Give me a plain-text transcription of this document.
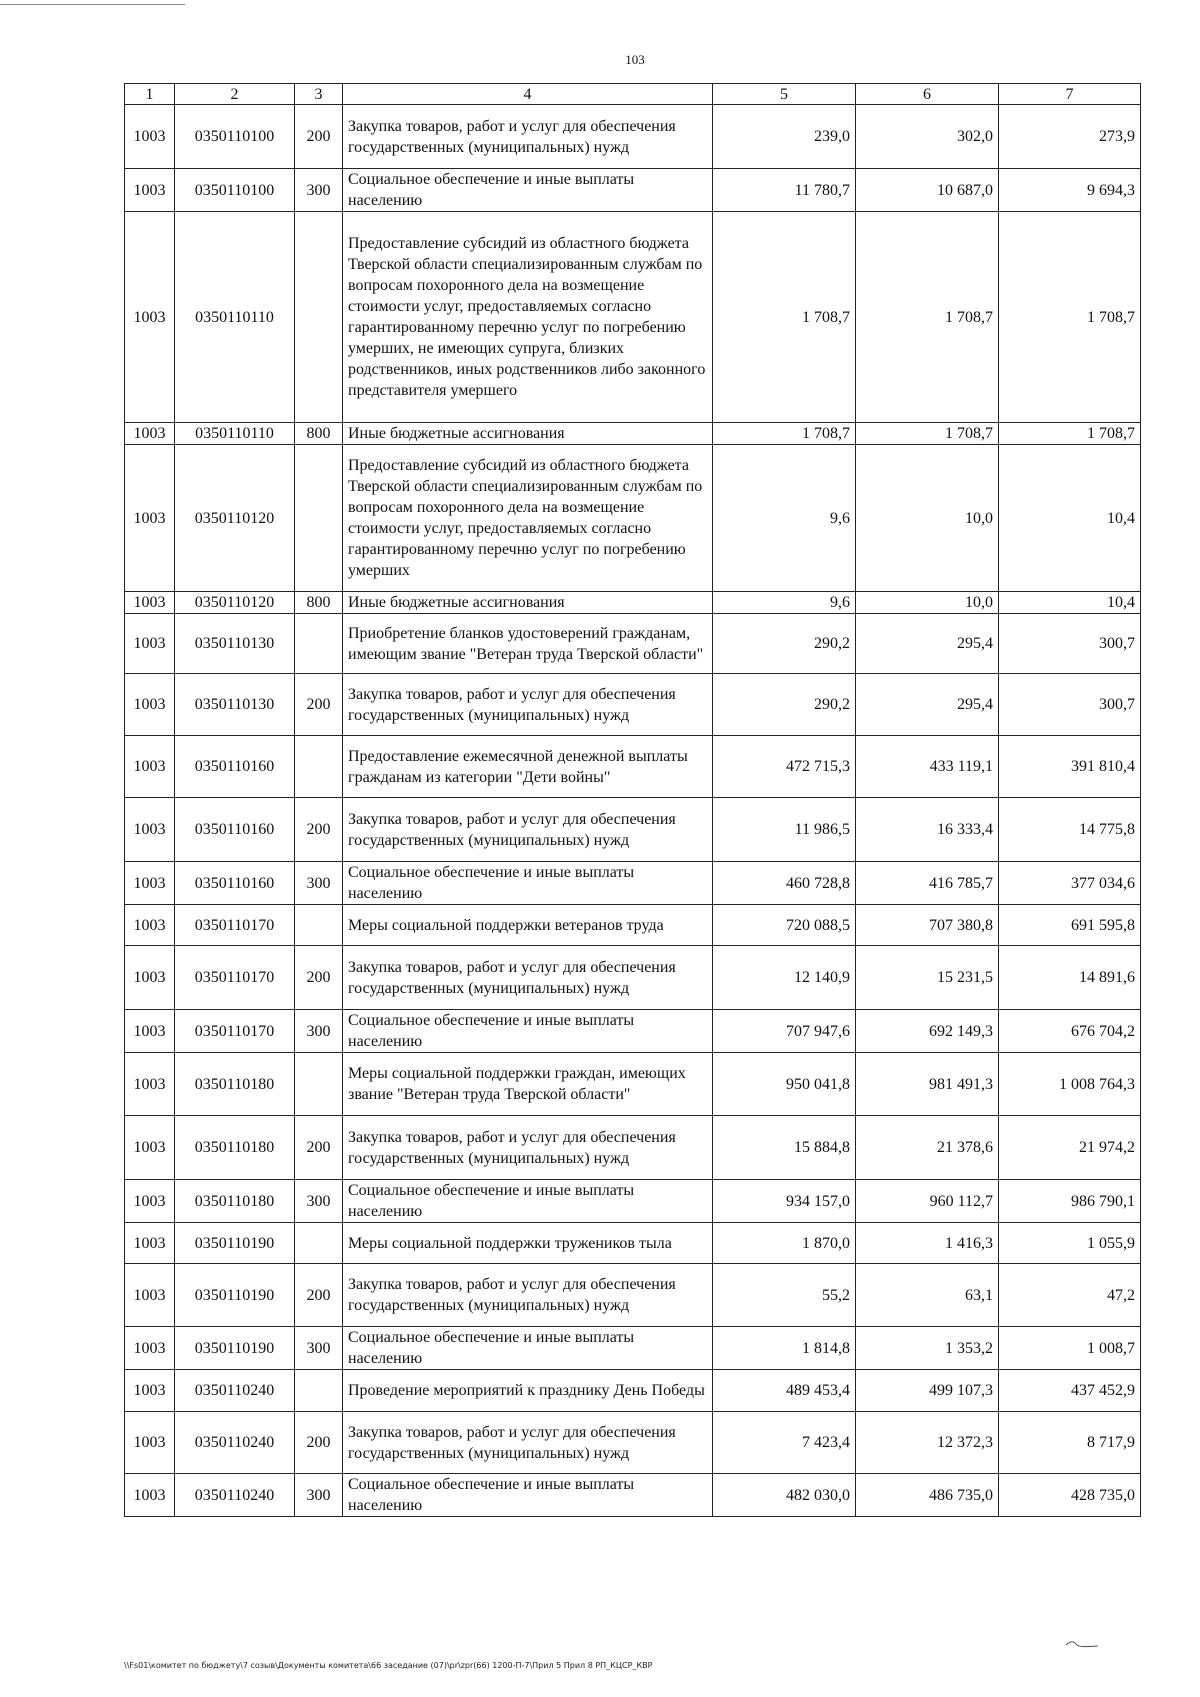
103
1	2	3	4	5	6	7
1003	0350110100	200	Закупка товаров, работ и услуг для обеспечения государственных (муниципальных) нужд	239,0	302,0	273,9
1003	0350110100	300	Социальное обеспечение и иные выплаты населению	11 780,7	10 687,0	9 694,3
1003	0350110110		Предоставление субсидий из областного бюджета Тверской области специализированным службам по вопросам похоронного дела на возмещение стоимости услуг, предоставляемых согласно гарантированному перечню услуг по погребению умерших, не имеющих супруга, близких родственников, иных родственников либо законного представителя умершего	1 708,7	1 708,7	1 708,7
1003	0350110110	800	Иные бюджетные ассигнования	1 708,7	1 708,7	1 708,7
1003	0350110120		Предоставление субсидий из областного бюджета Тверской области специализированным службам по вопросам похоронного дела на возмещение стоимости услуг, предоставляемых согласно гарантированному перечню услуг по погребению умерших	9,6	10,0	10,4
1003	0350110120	800	Иные бюджетные ассигнования	9,6	10,0	10,4
1003	0350110130		Приобретение бланков удостоверений гражданам, имеющим звание "Ветеран труда Тверской области"	290,2	295,4	300,7
1003	0350110130	200	Закупка товаров, работ и услуг для обеспечения государственных (муниципальных) нужд	290,2	295,4	300,7
1003	0350110160		Предоставление ежемесячной денежной выплаты гражданам из категории "Дети войны"	472 715,3	433 119,1	391 810,4
1003	0350110160	200	Закупка товаров, работ и услуг для обеспечения государственных (муниципальных) нужд	11 986,5	16 333,4	14 775,8
1003	0350110160	300	Социальное обеспечение и иные выплаты населению	460 728,8	416 785,7	377 034,6
1003	0350110170		Меры социальной поддержки ветеранов труда	720 088,5	707 380,8	691 595,8
1003	0350110170	200	Закупка товаров, работ и услуг для обеспечения государственных (муниципальных) нужд	12 140,9	15 231,5	14 891,6
1003	0350110170	300	Социальное обеспечение и иные выплаты населению	707 947,6	692 149,3	676 704,2
1003	0350110180		Меры социальной поддержки граждан, имеющих звание "Ветеран труда Тверской области"	950 041,8	981 491,3	1 008 764,3
1003	0350110180	200	Закупка товаров, работ и услуг для обеспечения государственных (муниципальных) нужд	15 884,8	21 378,6	21 974,2
1003	0350110180	300	Социальное обеспечение и иные выплаты населению	934 157,0	960 112,7	986 790,1
1003	0350110190		Меры социальной поддержки тружеников тыла	1 870,0	1 416,3	1 055,9
1003	0350110190	200	Закупка товаров, работ и услуг для обеспечения государственных (муниципальных) нужд	55,2	63,1	47,2
1003	0350110190	300	Социальное обеспечение и иные выплаты населению	1 814,8	1 353,2	1 008,7
1003	0350110240		Проведение мероприятий к празднику День Победы	489 453,4	499 107,3	437 452,9
1003	0350110240	200	Закупка товаров, работ и услуг для обеспечения государственных (муниципальных) нужд	7 423,4	12 372,3	8 717,9
1003	0350110240	300	Социальное обеспечение и иные выплаты населению	482 030,0	486 735,0	428 735,0
\\Fs01\комитет по бюджету\7 созыв\Документы комитета\66 заседание (07)\pr\zpr(66) 1200-П-7\Прил 5 Прил 8 РП_КЦСР_КВР
